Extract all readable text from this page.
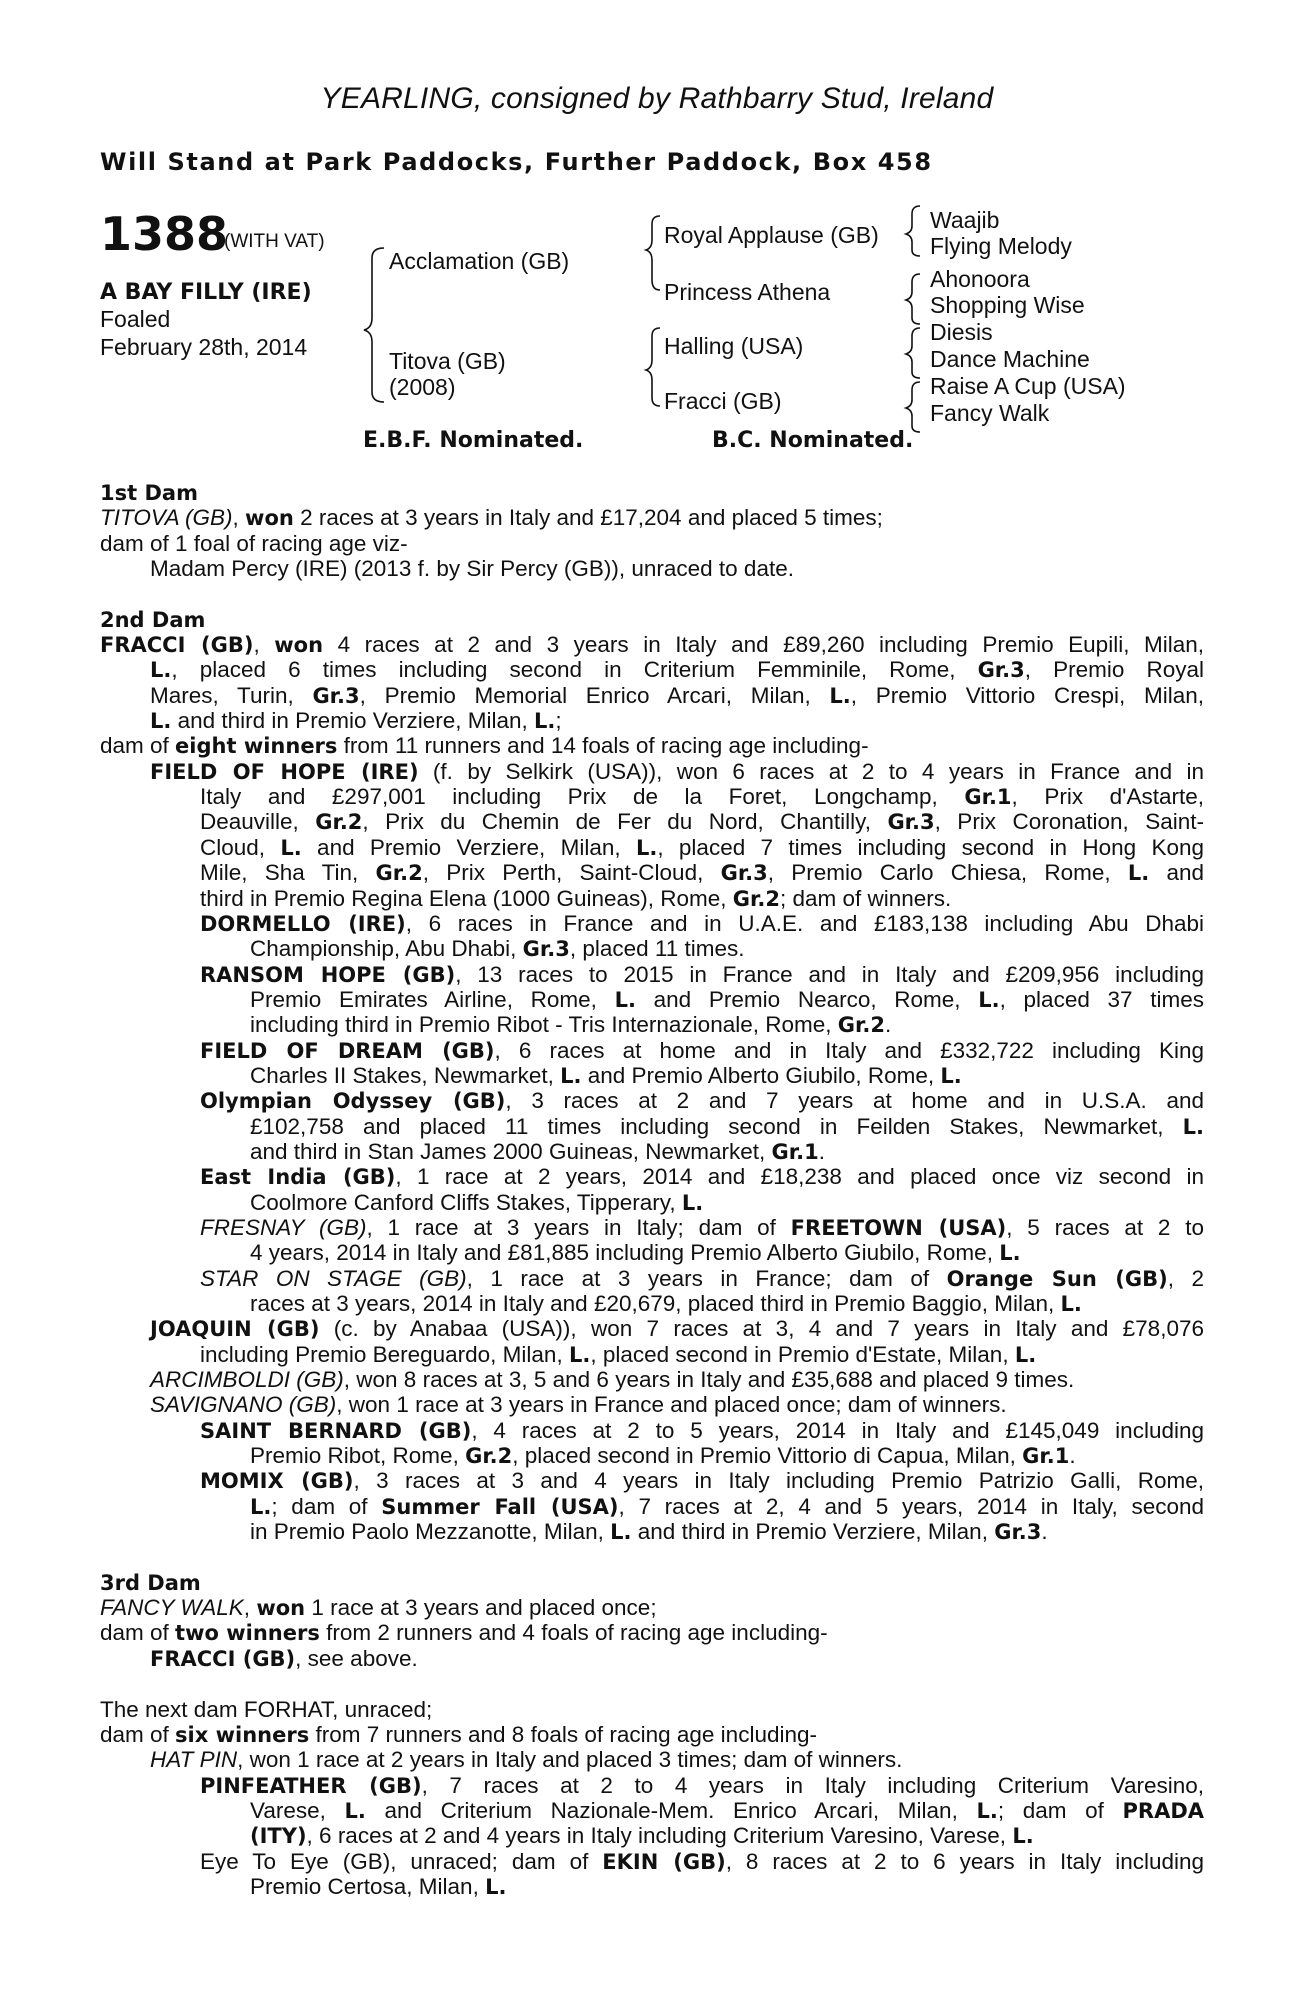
YEARLING, consigned by Rathbarry Stud, Ireland
Will Stand at Park Paddocks, Further Paddock, Box 458
1388
(WITH VAT)
A BAY FILLY (IRE)
Foaled
February 28th, 2014
Acclamation (GB)
Titova (GB)
(2008)
Royal Applause (GB)
Princess Athena
Halling (USA)
Fracci (GB)
Waajib
Flying Melody
Ahonoora
Shopping Wise
Diesis
Dance Machine
Raise A Cup (USA)
Fancy Walk
E.B.F. Nominated.	B.C. Nominated.
1st Dam
TITOVA (GB), won 2 races at 3 years in Italy and £17,204 and placed 5 times;
dam of 1 foal of racing age viz-
Madam Percy (IRE) (2013 f. by Sir Percy (GB)), unraced to date.
2nd Dam
FRACCI (GB), won 4 races at 2 and 3 years in Italy and £89,260 including Premio Eupili, Milan,
L., placed 6 times including second in Criterium Femminile, Rome, Gr.3, Premio Royal
Mares, Turin, Gr.3, Premio Memorial Enrico Arcari, Milan, L., Premio Vittorio Crespi, Milan,
L. and third in Premio Verziere, Milan, L.;
dam of eight winners from 11 runners and 14 foals of racing age including-
FIELD OF HOPE (IRE) (f. by Selkirk (USA)), won 6 races at 2 to 4 years in France and in
Italy and £297,001 including Prix de la Foret, Longchamp, Gr.1, Prix d'Astarte,
Deauville, Gr.2, Prix du Chemin de Fer du Nord, Chantilly, Gr.3, Prix Coronation, Saint-
Cloud, L. and Premio Verziere, Milan, L., placed 7 times including second in Hong Kong
Mile, Sha Tin, Gr.2, Prix Perth, Saint-Cloud, Gr.3, Premio Carlo Chiesa, Rome, L. and
third in Premio Regina Elena (1000 Guineas), Rome, Gr.2; dam of winners.
DORMELLO (IRE), 6 races in France and in U.A.E. and £183,138 including Abu Dhabi
Championship, Abu Dhabi, Gr.3, placed 11 times.
RANSOM HOPE (GB), 13 races to 2015 in France and in Italy and £209,956 including
Premio Emirates Airline, Rome, L. and Premio Nearco, Rome, L., placed 37 times
including third in Premio Ribot - Tris Internazionale, Rome, Gr.2.
FIELD OF DREAM (GB), 6 races at home and in Italy and £332,722 including King
Charles II Stakes, Newmarket, L. and Premio Alberto Giubilo, Rome, L.
Olympian Odyssey (GB), 3 races at 2 and 7 years at home and in U.S.A. and
£102,758 and placed 11 times including second in Feilden Stakes, Newmarket, L.
and third in Stan James 2000 Guineas, Newmarket, Gr.1.
East India (GB), 1 race at 2 years, 2014 and £18,238 and placed once viz second in
Coolmore Canford Cliffs Stakes, Tipperary, L.
FRESNAY (GB), 1 race at 3 years in Italy; dam of FREETOWN (USA), 5 races at 2 to
4 years, 2014 in Italy and £81,885 including Premio Alberto Giubilo, Rome, L.
STAR ON STAGE (GB), 1 race at 3 years in France; dam of Orange Sun (GB), 2
races at 3 years, 2014 in Italy and £20,679, placed third in Premio Baggio, Milan, L.
JOAQUIN (GB) (c. by Anabaa (USA)), won 7 races at 3, 4 and 7 years in Italy and £78,076
including Premio Bereguardo, Milan, L., placed second in Premio d'Estate, Milan, L.
ARCIMBOLDI (GB), won 8 races at 3, 5 and 6 years in Italy and £35,688 and placed 9 times.
SAVIGNANO (GB), won 1 race at 3 years in France and placed once; dam of winners.
SAINT BERNARD (GB), 4 races at 2 to 5 years, 2014 in Italy and £145,049 including
Premio Ribot, Rome, Gr.2, placed second in Premio Vittorio di Capua, Milan, Gr.1.
MOMIX (GB), 3 races at 3 and 4 years in Italy including Premio Patrizio Galli, Rome,
L.; dam of Summer Fall (USA), 7 races at 2, 4 and 5 years, 2014 in Italy, second
in Premio Paolo Mezzanotte, Milan, L. and third in Premio Verziere, Milan, Gr.3.
3rd Dam
FANCY WALK, won 1 race at 3 years and placed once;
dam of two winners from 2 runners and 4 foals of racing age including-
FRACCI (GB), see above.
The next dam FORHAT, unraced;
dam of six winners from 7 runners and 8 foals of racing age including-
HAT PIN, won 1 race at 2 years in Italy and placed 3 times; dam of winners.
PINFEATHER (GB), 7 races at 2 to 4 years in Italy including Criterium Varesino,
Varese, L. and Criterium Nazionale-Mem. Enrico Arcari, Milan, L.; dam of PRADA
(ITY), 6 races at 2 and 4 years in Italy including Criterium Varesino, Varese, L.
Eye To Eye (GB), unraced; dam of EKIN (GB), 8 races at 2 to 6 years in Italy including
Premio Certosa, Milan, L.
